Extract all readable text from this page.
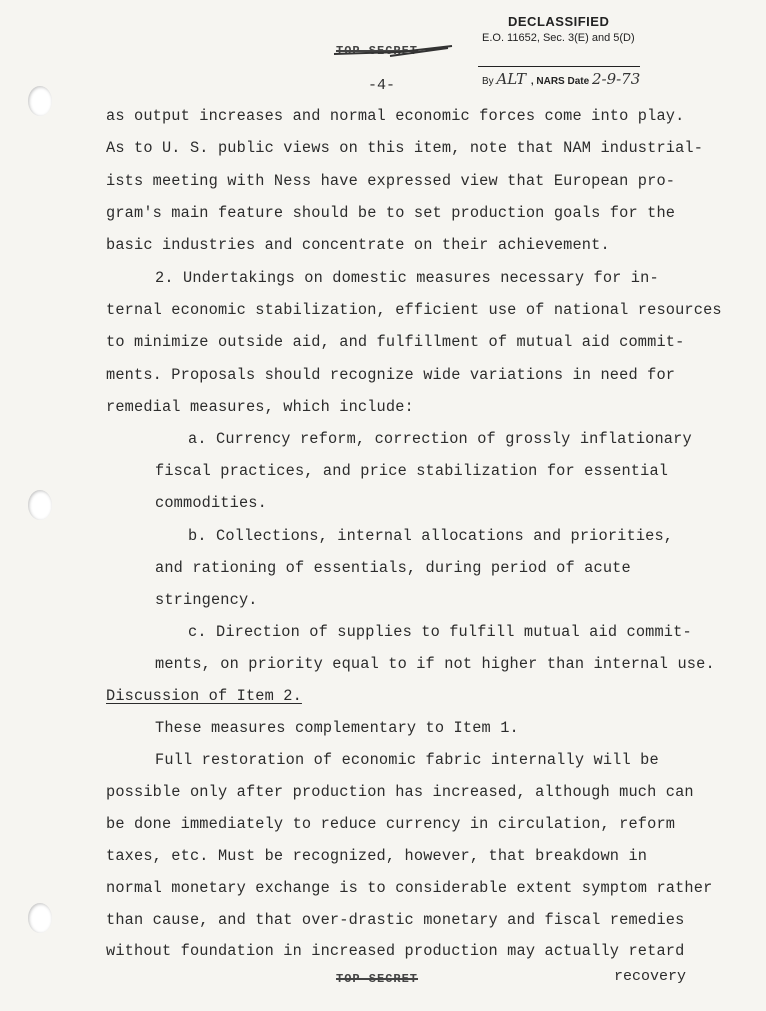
DECLASSIFIED
E.O. 11652, Sec. 3(E) and 5(D)
By ALT , NARS Date 2-9-73
TOP SECRET
-4-
as output increases and normal economic forces come into play.
As to U. S. public views on this item, note that NAM industrial-
ists meeting with Ness have expressed view that European pro-
gram's main feature should be to set production goals for the
basic industries and concentrate on their achievement.
2. Undertakings on domestic measures necessary for in-
ternal economic stabilization, efficient use of national resources
to minimize outside aid, and fulfillment of mutual aid commit-
ments. Proposals should recognize wide variations in need for
remedial measures, which include:
a. Currency reform, correction of grossly inflationary
fiscal practices, and price stabilization for essential
commodities.
b. Collections, internal allocations and priorities,
and rationing of essentials, during period of acute
stringency.
c. Direction of supplies to fulfill mutual aid commit-
ments, on priority equal to if not higher than internal use.
Discussion of Item 2.
These measures complementary to Item 1.
Full restoration of economic fabric internally will be
possible only after production has increased, although much can
be done immediately to reduce currency in circulation, reform
taxes, etc. Must be recognized, however, that breakdown in
normal monetary exchange is to considerable extent symptom rather
than cause, and that over-drastic monetary and fiscal remedies
without foundation in increased production may actually retard
TOP SECRET	recovery
